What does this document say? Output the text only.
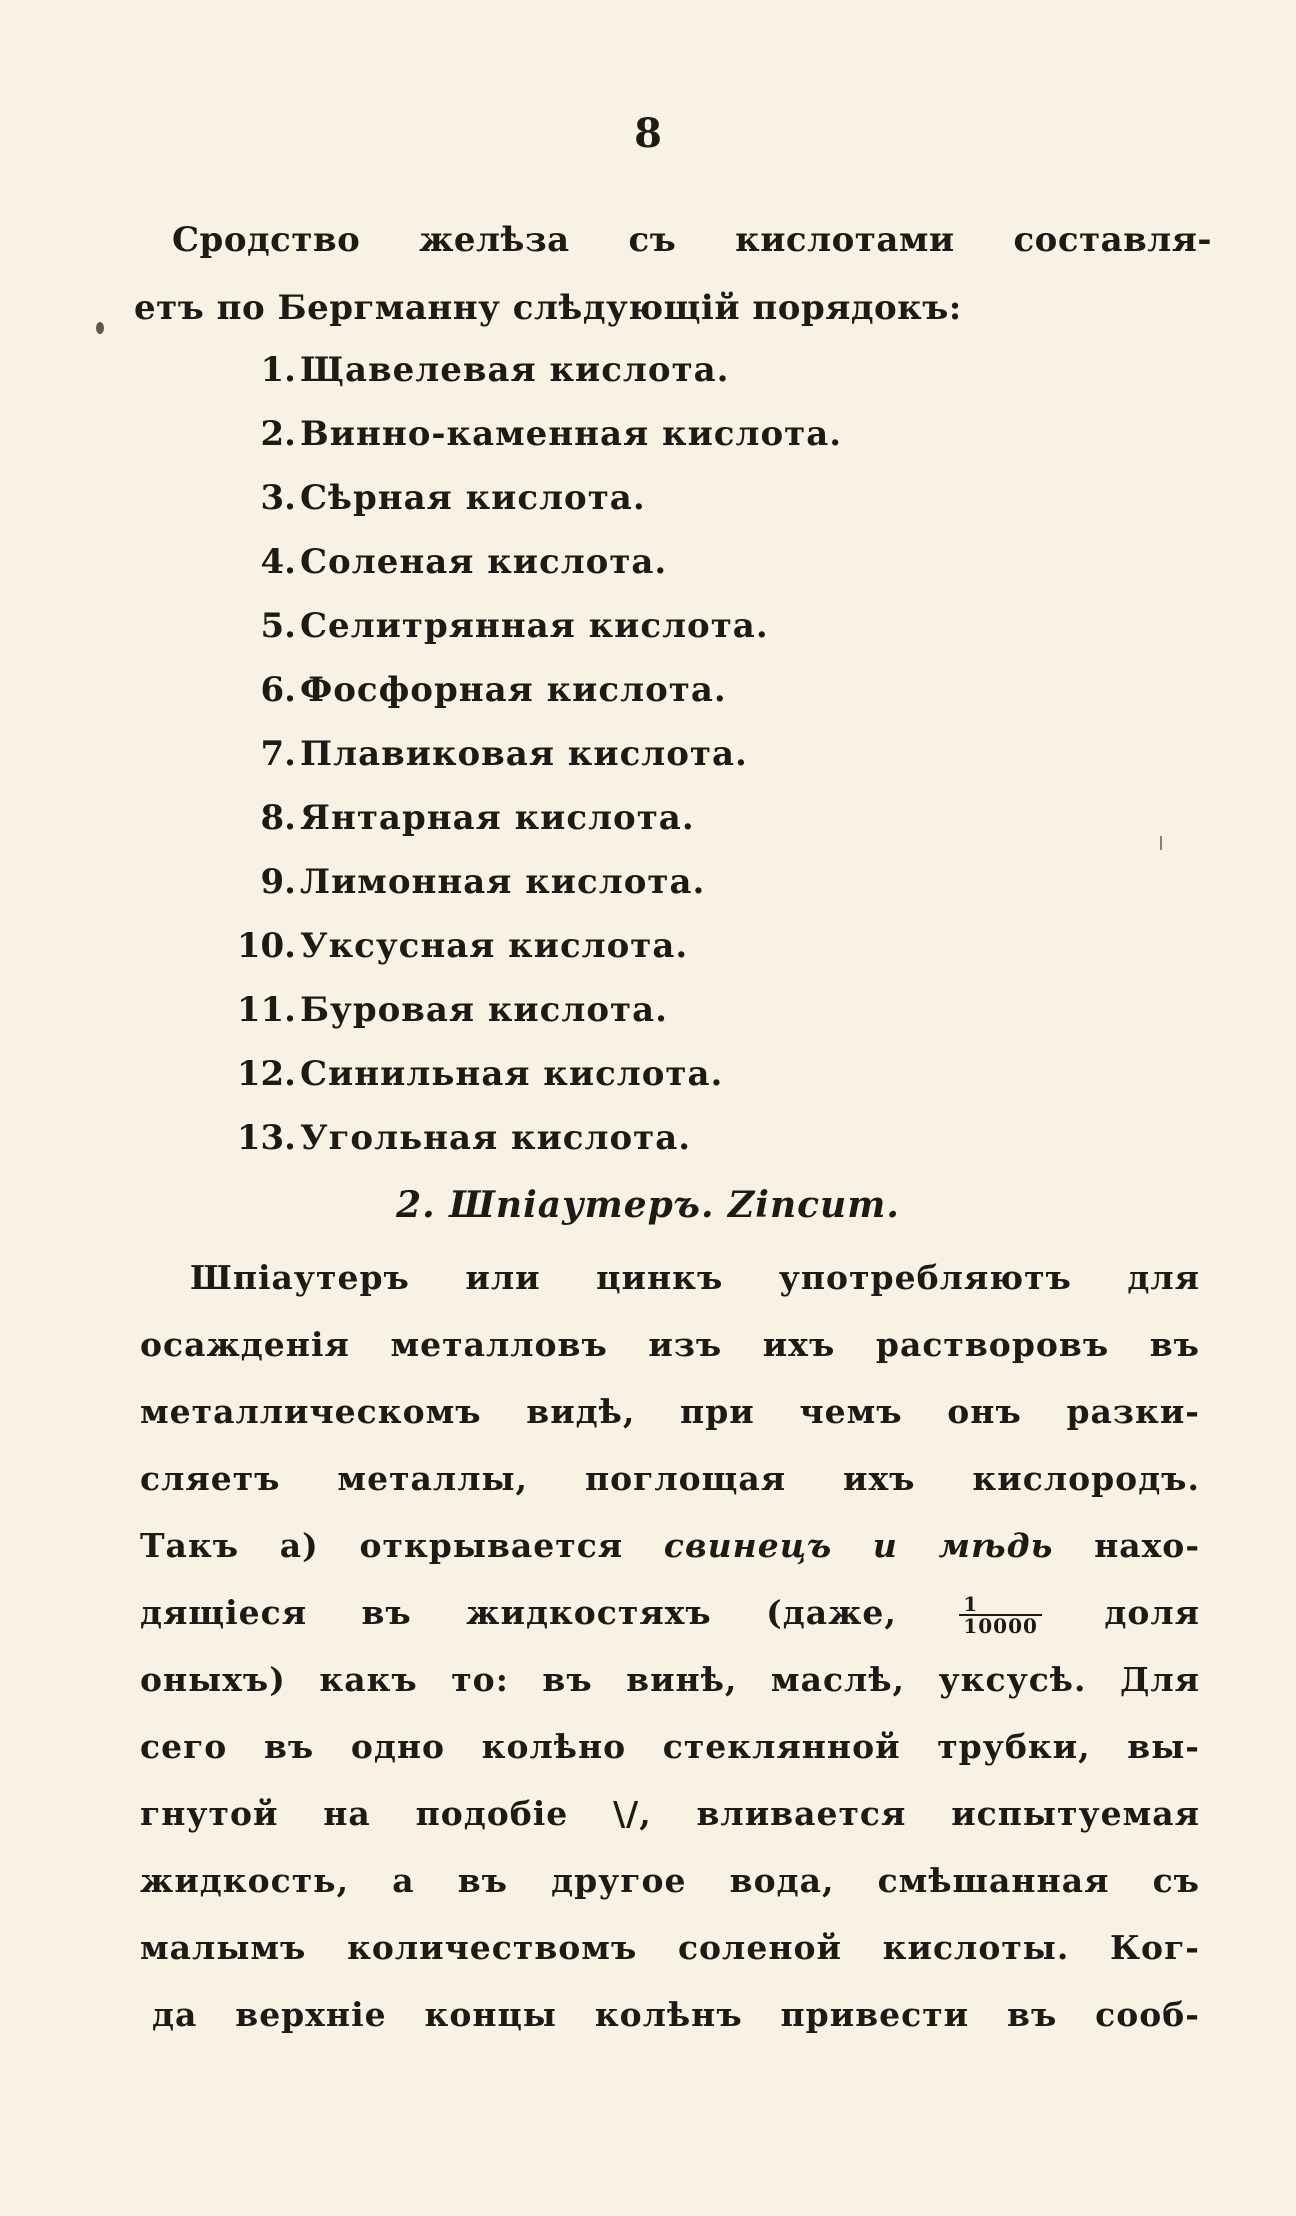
8
Сродство желѣза съ кислотами составля-
етъ по Бергманну слѣдующій порядокъ:
1. Щавелевая кислота.
2. Винно-каменная кислота.
3. Сѣрная кислота.
4. Соленая кислота.
5. Селитрянная кислота.
6. Фосфорная кислота.
7. Плавиковая кислота.
8. Янтарная кислота.
9. Лимонная кислота.
10. Уксусная кислота.
11. Буровая кислота.
12. Синильная кислота.
13. Угольная кислота.
2. Шпіаутеръ. Zincum.
Шпіаутеръ или цинкъ употребляютъ для
осажденія металловъ изъ ихъ растворовъ въ
металлическомъ видѣ, при чемъ онъ разки-
сляетъ металлы, поглощая ихъ кислородъ.
Такъ а) открывается свинецъ и мѣдь нахо-
дящіеся въ жидкостяхъ (даже,	$\frac{1}{10000}$ доля
оныхъ) какъ то: въ винѣ, маслѣ, уксусѣ. Для
сего въ одно колѣно стеклянной трубки, вы-
гнутой на подобіе \/, вливается испытуемая
жидкость, а въ другое вода, смѣшанная съ
малымъ количествомъ соленой кислоты. Ког-
да верхніе концы колѣнъ привести въ сооб-
